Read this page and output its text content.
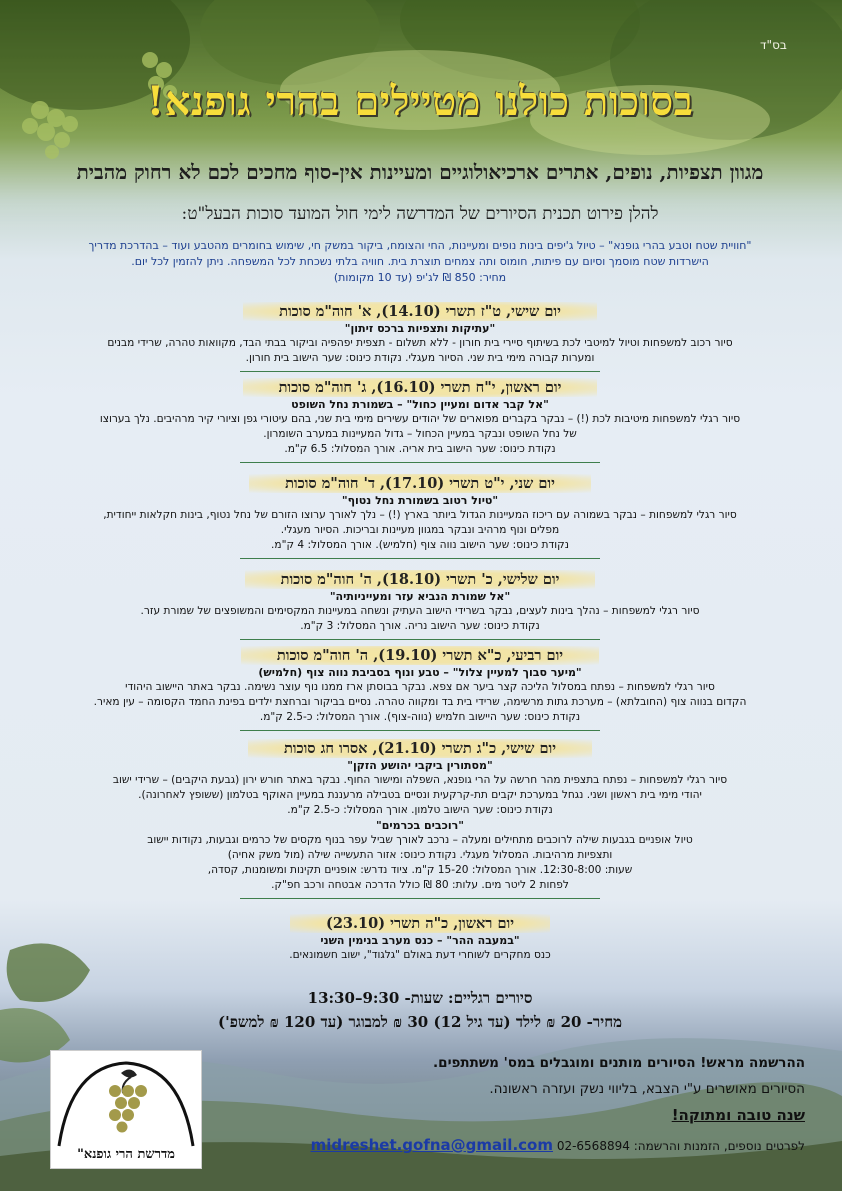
בס"ד
בסוכות כולנו מטיילים בהרי גופנא!
מגוון תצפיות, נופים, אתרים ארכיאולוגיים ומעיינות אין-סוף מחכים לכם לא רחוק מהבית
להלן פירוט תכנית הסיורים של המדרשה לימי חול המועד סוכות הבעל"ט:
"חוויית שטח וטבע בהרי גופנא" – טיול ג'יפים בינות נופים ומעיינות, החי והצומח, ביקור במשק חי, שימוש בחומרים מהטבע ועוד – בהדרכת מדריך
הישרדות שטח מוסמך וסיום עם פיתות, חומוס ותה צמחים תוצרת בית. חוויה בלתי נשכחת לכל המשפחה. ניתן להזמין לכל יום.
מחיר: 850 ₪ לג'יפ (עד 10 מקומות)
יום שישי, ט"ז תשרי (14.10), א' חוה"מ סוכות
"עתיקות ותצפיות ברכס זיתון"
סיור רכוב למשפחות וטיול למיטבי לכת בשיתוף סיירי בית חורון - ללא תשלום - תצפית יפהפיה וביקור בבתי הבד, מקוואות טהרה, שרידי מבנים
ומערות קבורה מימי בית שני. הסיור מעגלי. נקודת כינוס: שער הישוב בית חורון.
יום ראשון, י"ח תשרי (16.10), ג' חוה"מ סוכות
"אל קבר אדום ומעיין כחול" – בשמורת נחל השופט
סיור רגלי למשפחות מיטיבות לכת (!) – נבקר בקברים מפוארים של יהודים עשירים מימי בית שני, בהם עיטורי גפן וציורי קיר מרהיבים. נלך בערוצו
של נחל השופט ונבקר במעיין הכחול – גדול המעיינות במערב השומרון.
נקודת כינוס: שער הישוב בית אריה. אורך המסלול: 6.5 ק"מ.
יום שני, י"ט תשרי (17.10), ד' חוה"מ סוכות
"טיול רטוב בשמורת נחל נטוף"
סיור רגלי למשפחות – נבקר בשמורה עם ריכוז המעיינות הגדול ביותר בארץ (!) – נלך לאורך ערוצו הזורם של נחל נטוף, בינות חקלאות ייחודית,
מפלים ונוף מרהיב ונבקר במגוון מעיינות ובריכות. הסיור מעגלי.
נקודת כינוס: שער הישוב נווה צוף (חלמיש). אורך המסלול: 4 ק"מ.
יום שלישי, כ' תשרי (18.10), ה' חוה"מ סוכות
"אל שמורת הנביא עזר ומעייניותיה"
סיור רגלי למשפחות – נהלך בינות לעצים, נבקר בשרידי הישוב העתיק ונשחה במעיינות המקסימים והמשופצים של שמורת עזר.
נקודת כינוס: שער הישוב נריה. אורך המסלול: 3 ק"מ.
יום רביעי, כ"א תשרי (19.10), ה' חוה"מ סוכות
"מיער סבוך למעיין צלול" – טבע ונוף בסביבת נווה צוף (חלמיש)
סיור רגלי למשפחות – נפתח במסלול הליכה קצר ביער אם צפא. נבקר בבוסתן ארז ממנו נוף עוצר נשימה. נבקר באתר היישוב היהודי
הקדום בנווה צוף (החובלתא) – מערכת גתות מרשימה, שרידי בית בד ומקווה טהרה. נסיים בביקור וברחצת ילדים בפינת החמד הקסומה – עין מאיר.
נקודת כינוס: שער היישוב חלמיש (נווה-צוף). אורך המסלול: כ-2.5 ק"מ.
יום שישי, כ"ג תשרי (21.10), אסרו חג סוכות
"מסתורין ביקבי יהושע הזקן"
סיור רגלי למשפחות – נפתח בתצפית מהר חרשה על הרי גופנא, השפלה ומישור החוף. נבקר באתר חורש ירון (גבעת היקבים) – שרידי ישוב
יהודי מימי בית ראשון ושני. נגחל במערכת יקבים תת-קרקעית ונסיים בטבילה מרעננת במעיין האוקף בטלמון (ששופץ לאחרונה).
נקודת כינוס: שער הישוב טלמון. אורך המסלול: כ-2.5 ק"מ.
"רוכבים בכרמים"
טיול אופניים בגבעות שילה לרוכבים מתחילים ומעלה – נרכב לאורך שביל עפר בנוף מקסים של כרמים וגבעות, נקודות יישוב
ותצפיות מרהיבות. המסלול מעגלי. נקודת כינוס: אזור התעשייה שילה (מול משק אחיה)
שעות: 12:30-8:00. אורך המסלול: 15-20 ק"מ. ציוד נדרש: אופניים תקינות ומשומנות, קסדה,
לפחות 2 ליטר מים. עלות: 80 ₪ כולל הדרכה אבטחה ורכב חפ"ק.
יום ראשון, כ"ה תשרי (23.10)
"במעבה ההר" – כנס מערב בנימין השני
כנס מחקרים לשוחרי דעת באולם "גלגוד", ישוב חשמונאים.
סיורים רגליים: שעות- 9:30–13:30
מחיר- 20 ₪ לילד (עד גיל 12) 30 ₪ למבוגר (עד 120 ₪ למשפ')
ההרשמה מראש! הסיורים מותנים ומוגבלים במס' משתתפים.
הסיורים מאושרים ע"י הצבא, בליווי נשק ועזרה ראשונה.
שנה טובה ומתוקה!
לפרטים נוספים, הזמנות והרשמה: 02-6568894 midreshet.gofna@gmail.com
מדרשת הרי גופנא"
